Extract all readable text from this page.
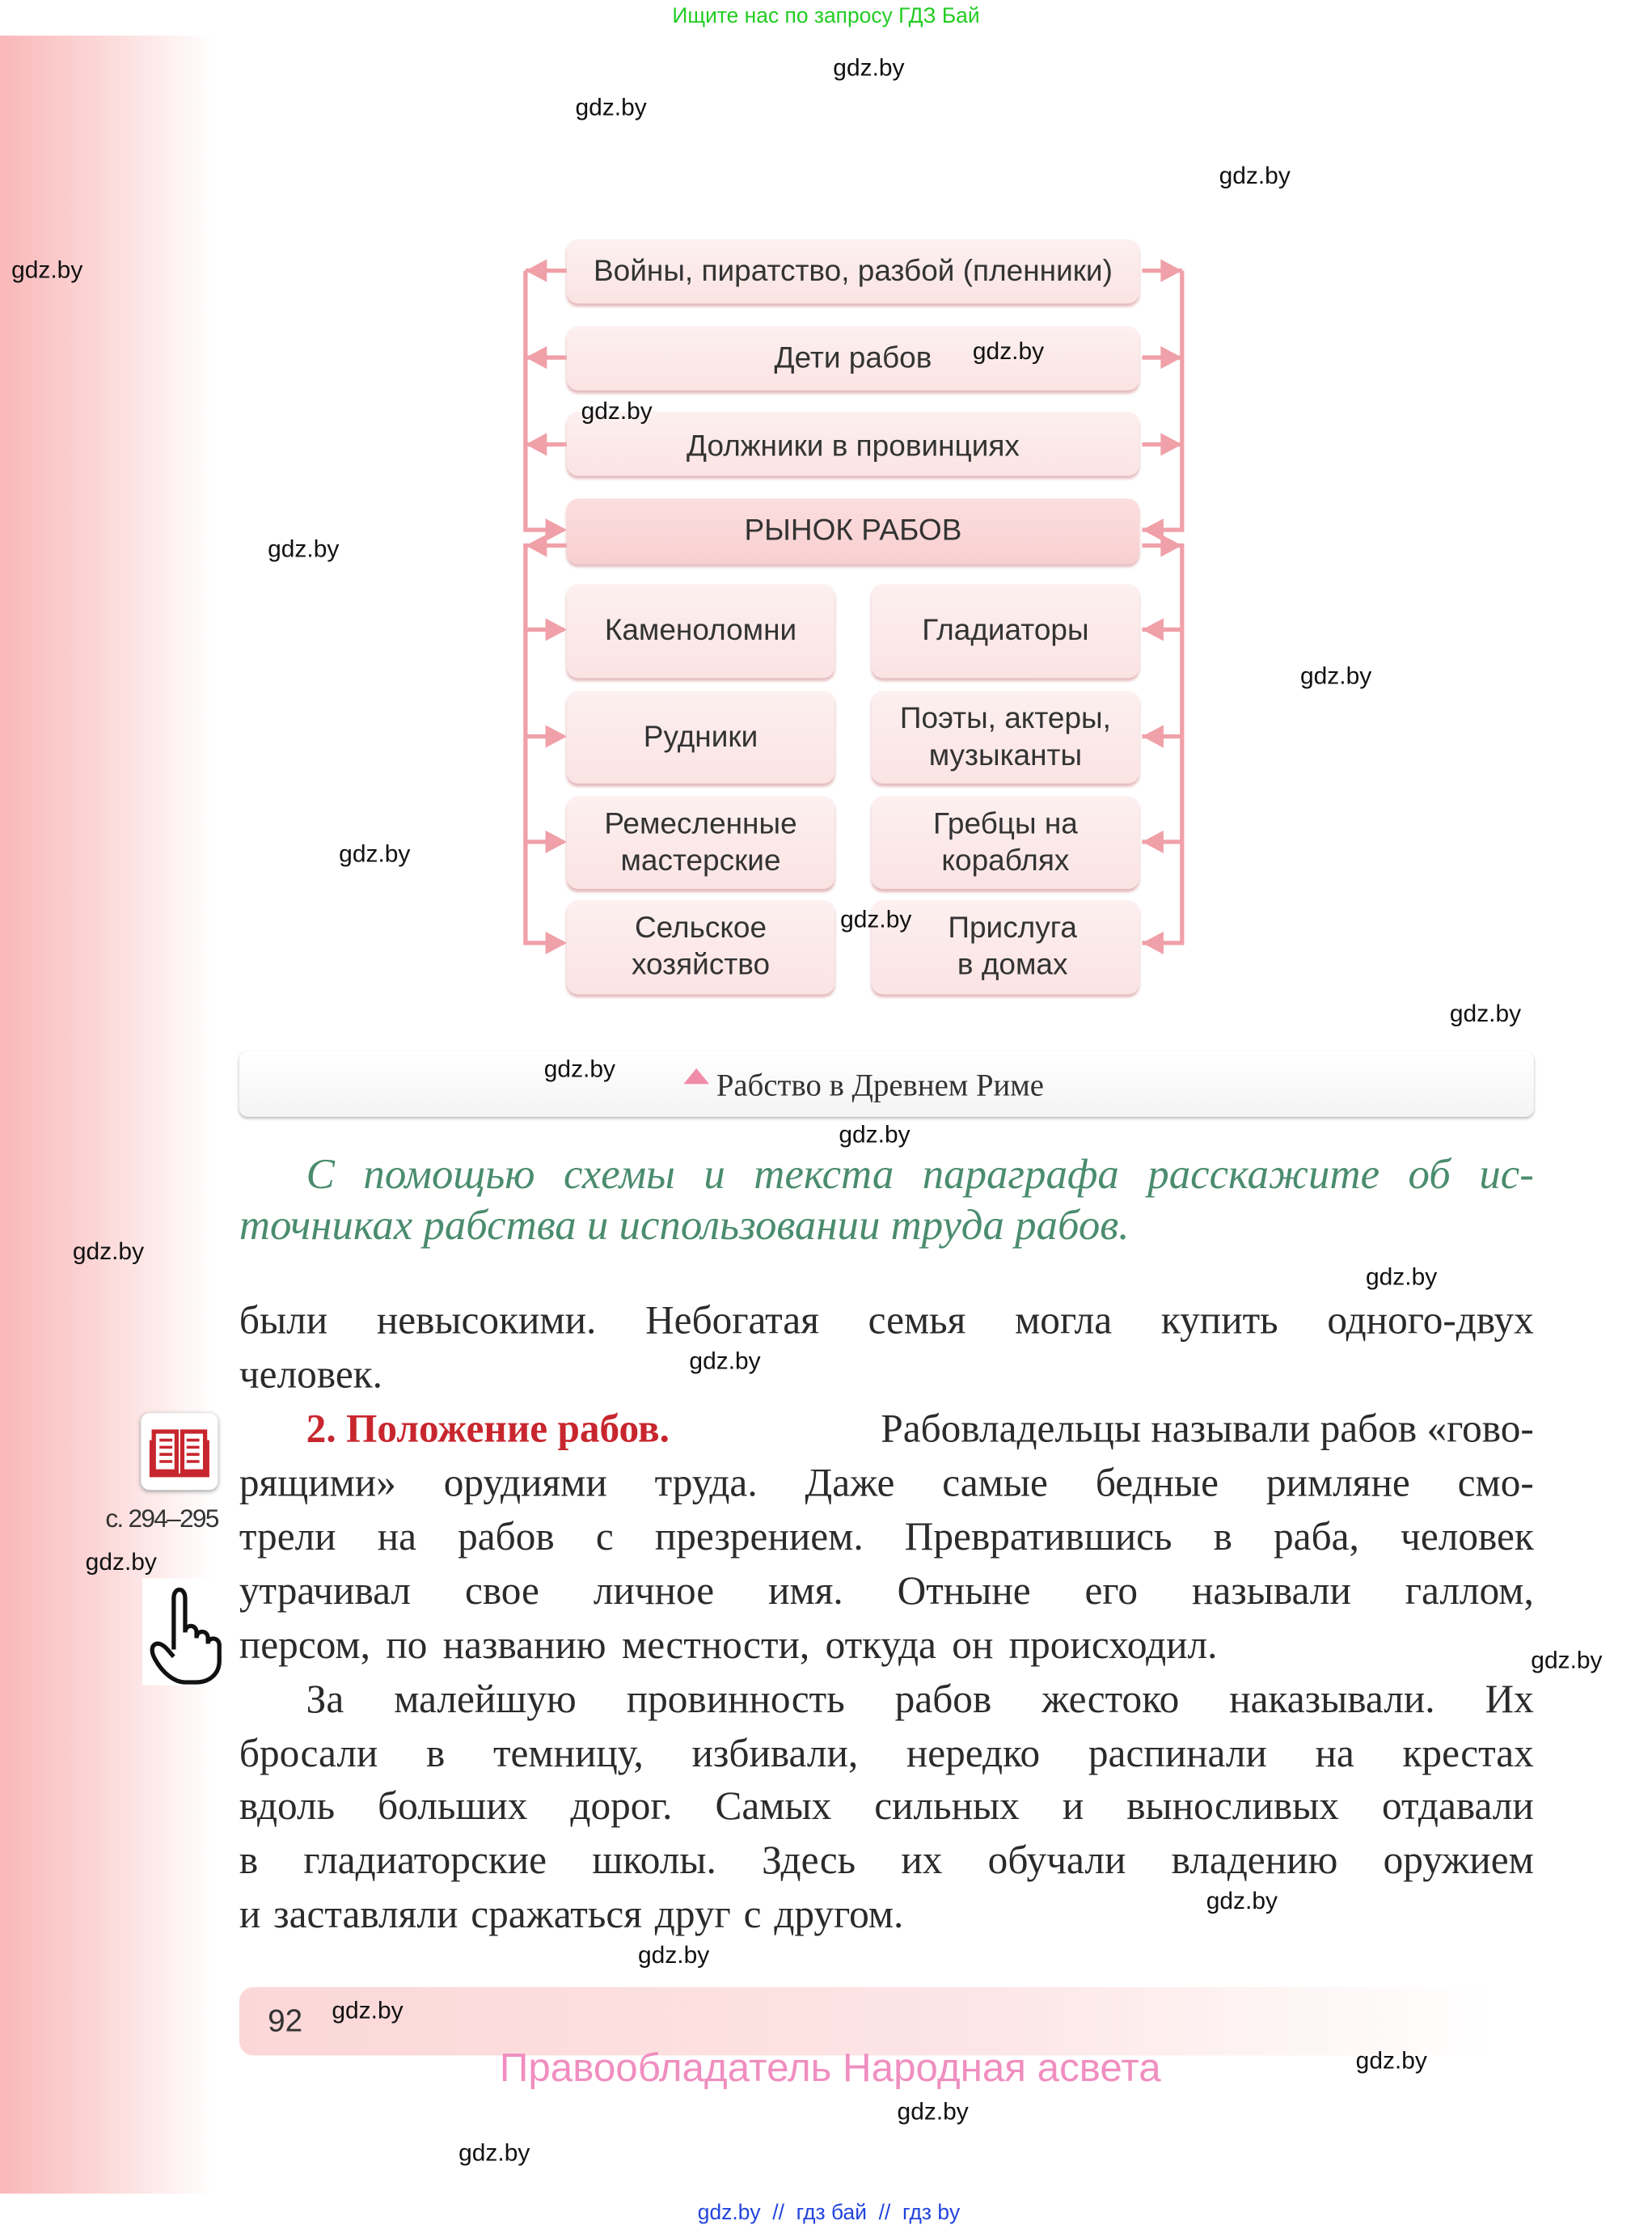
Ищите нас по запросу ГДЗ Бай
Войны, пиратство, разбой (пленники)
Дети рабов
Должники в провинциях
РЫНОК РАБОВ
Каменоломни
Рудники
Ремесленные мастерские
Сельское хозяйство
Гладиаторы
Поэты, актеры, музыканты
Гребцы на кораблях
Прислуга в домах
Рабство в Древнем Риме
С помощью схемы и текста параграфа расскажите об ис-
точниках рабства и использовании труда рабов.
были невысокими. Небогатая семья могла купить одного-двух
человек.
2. Положение рабов.	Рабовладельцы называли рабов «гово-
рящими» орудиями труда. Даже самые бедные римляне смо-
трели на рабов с презрением. Превратившись в раба, человек
утрачивал свое личное имя. Отныне его называли галлом,
персом, по названию местности, откуда он происходил.
За малейшую провинность рабов жестоко наказывали. Их
бросали в темницу, избивали, нередко распинали на крестах
вдоль больших дорог. Самых сильных и выносливых отдавали
в гладиаторские школы. Здесь их обучали владению оружием
и заставляли сражаться друг с другом.
с. 294–295
92
Правообладатель Народная асвета
gdz.by  //  гдз бай  //  гдз by
gdz.by
gdz.by
gdz.by
gdz.by
gdz.by
gdz.by
gdz.by
gdz.by
gdz.by
gdz.by
gdz.by
gdz.by
gdz.by
gdz.by
gdz.by
gdz.by
gdz.by
gdz.by
gdz.by
gdz.by
gdz.by
gdz.by
gdz.by
gdz.by
